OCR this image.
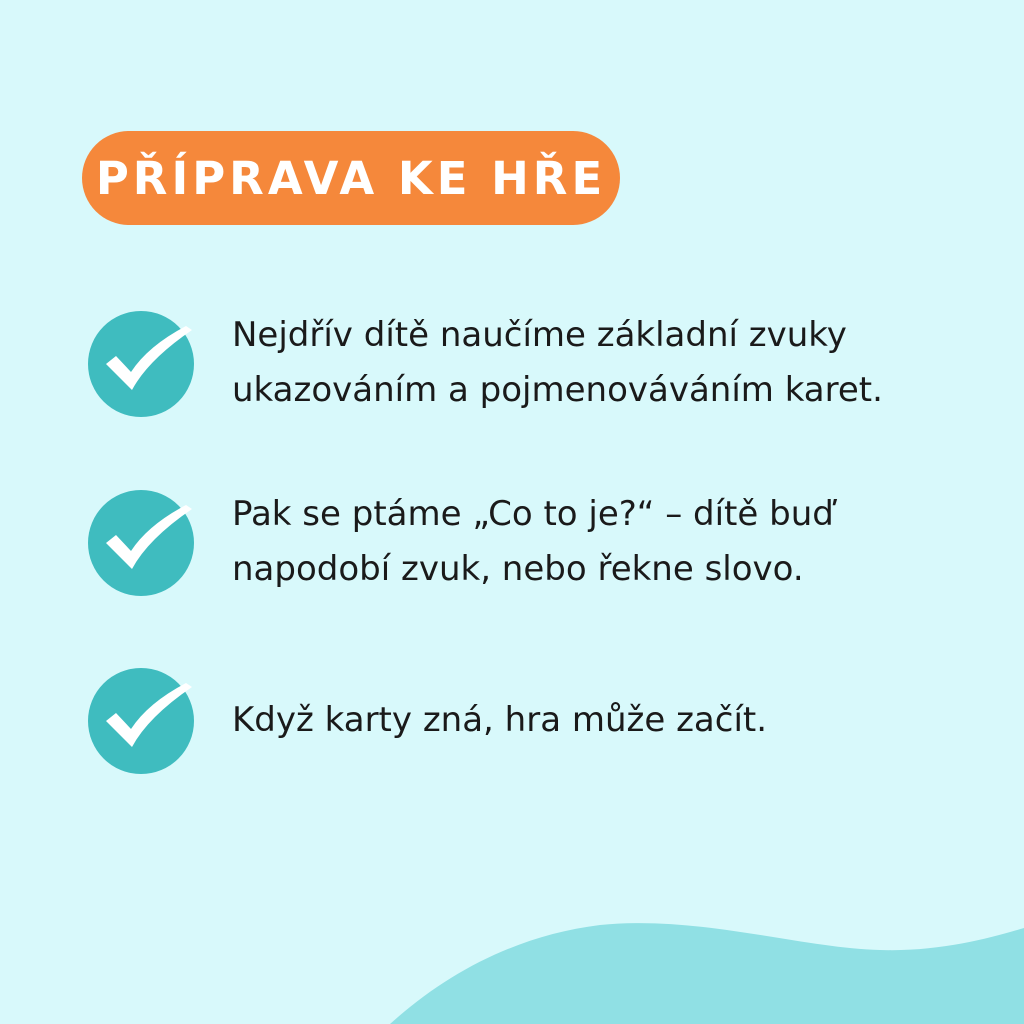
PŘÍPRAVA KE HŘE
Nejdřív dítě naučíme základní zvuky
ukazováním a pojmenováváním karet.
Pak se ptáme „Co to je?“ – dítě buď
napodobí zvuk, nebo řekne slovo.
Když karty zná, hra může začít.
